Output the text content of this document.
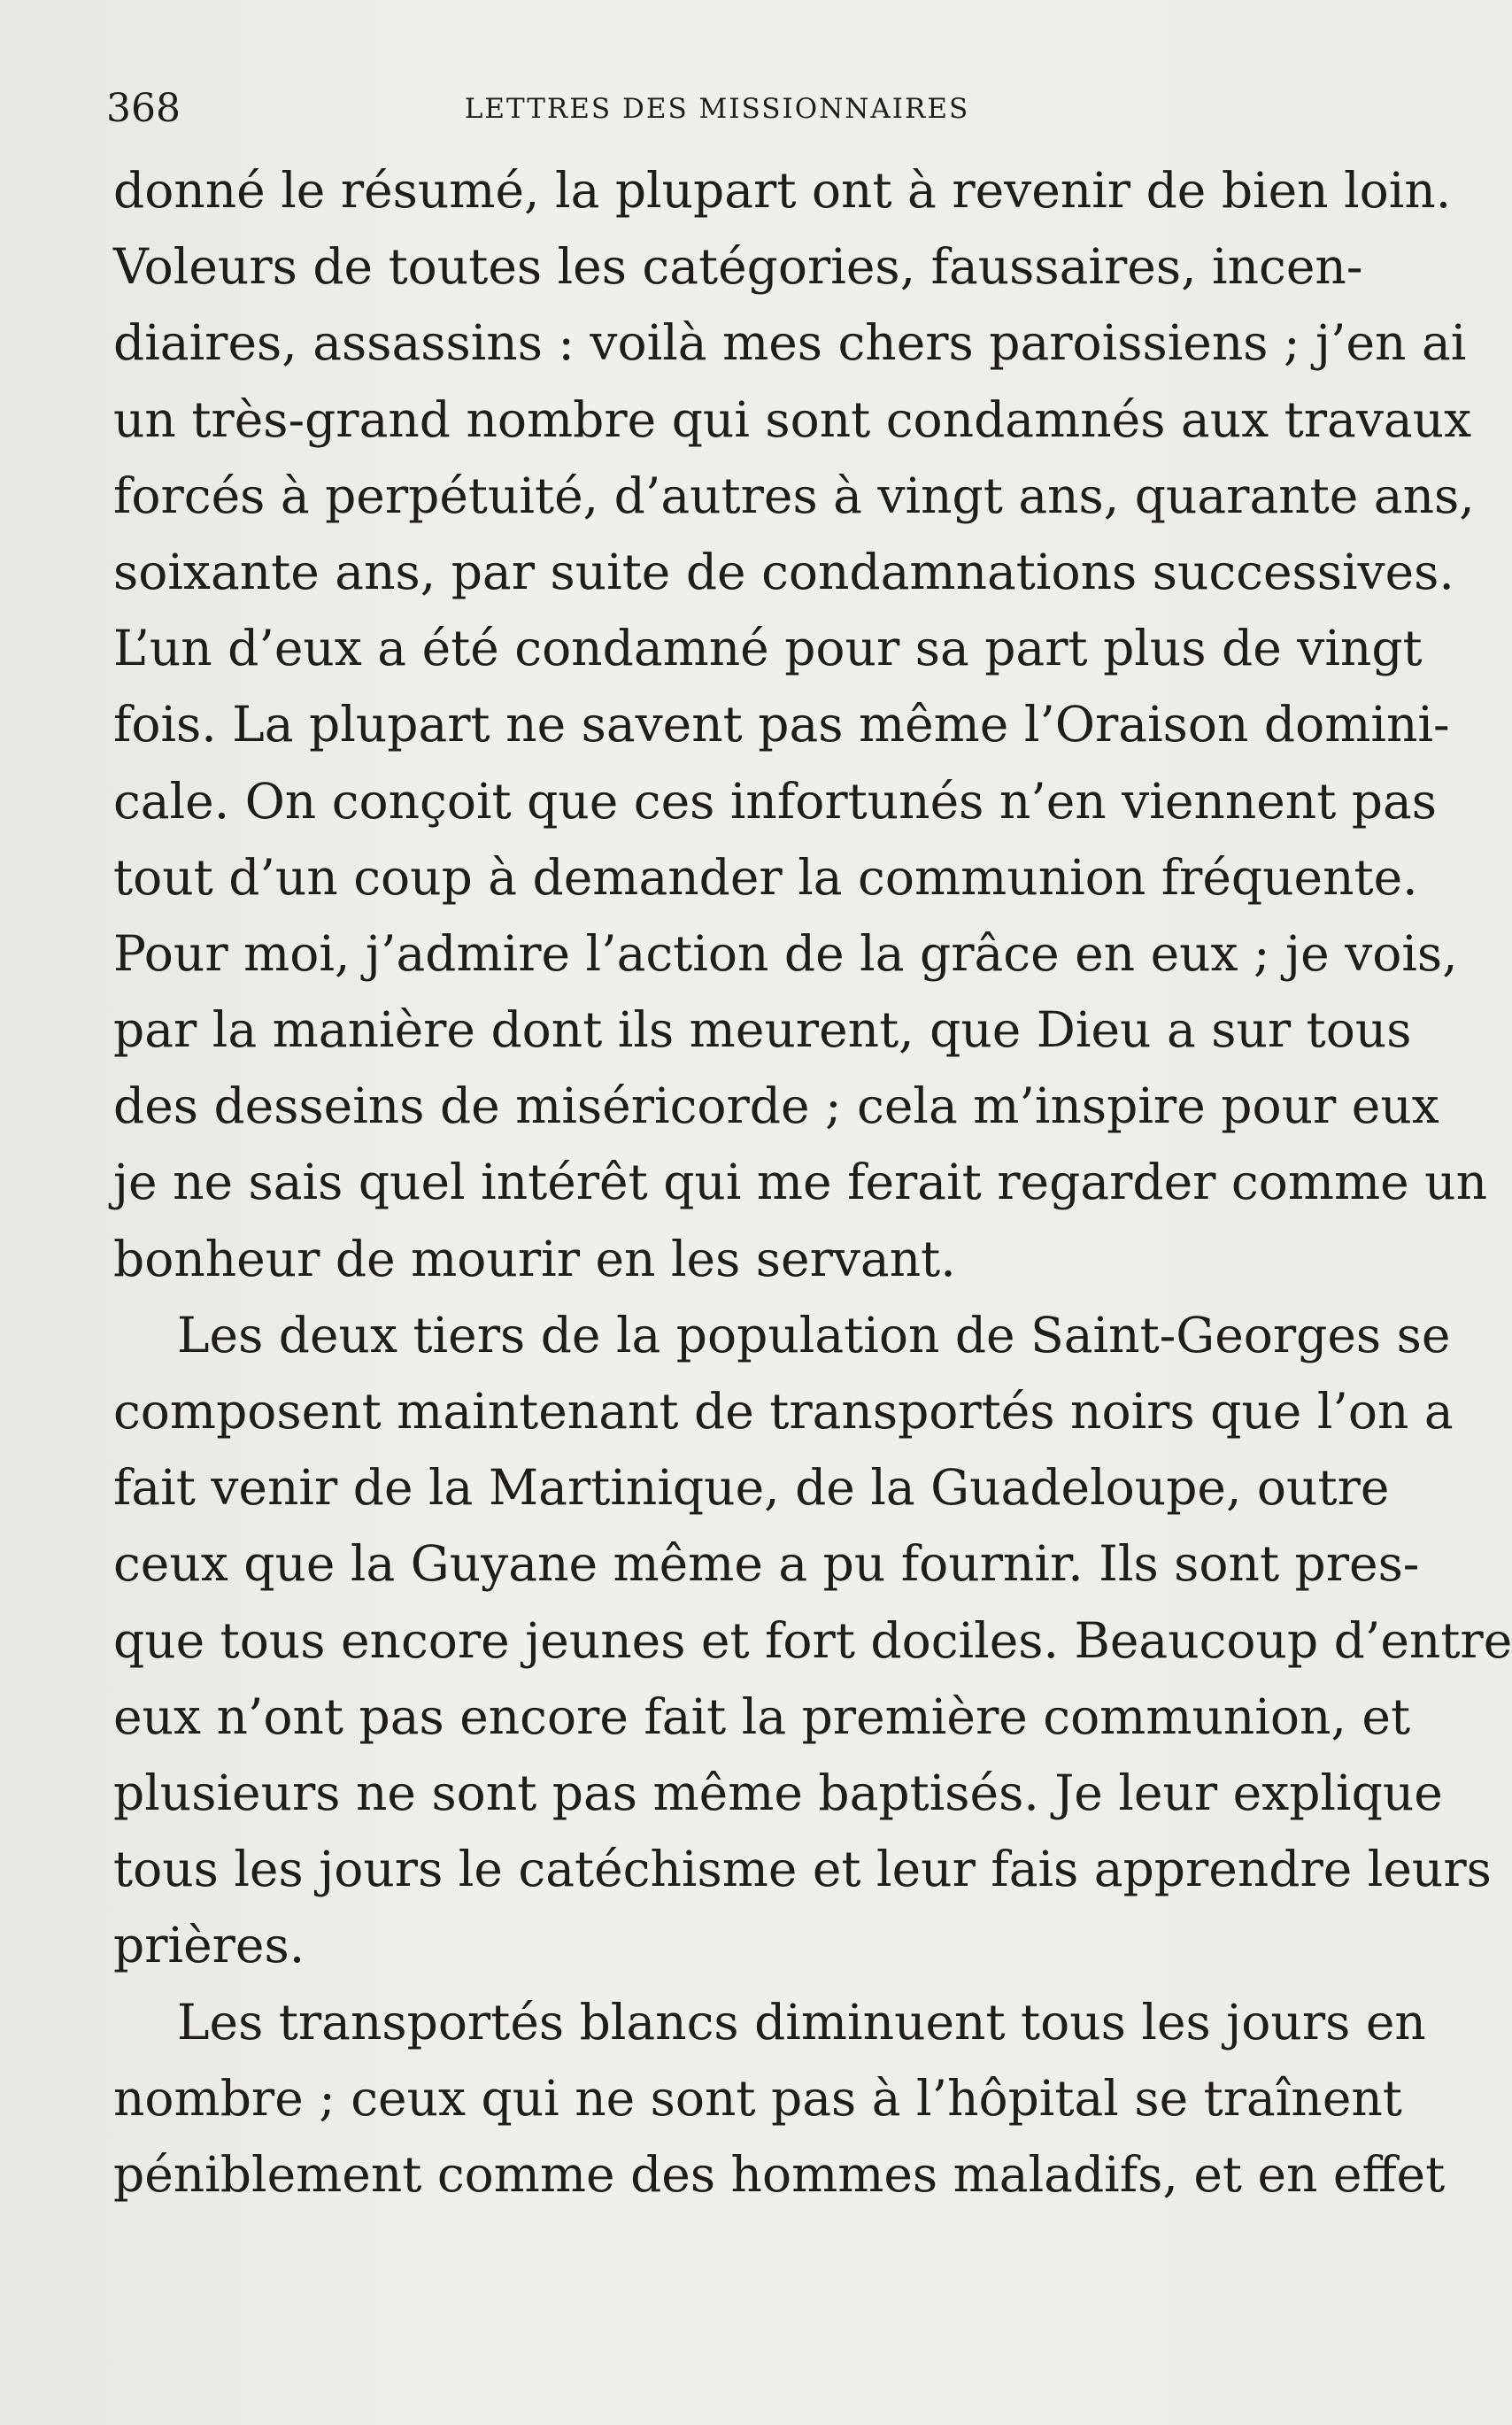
368	LETTRES DES MISSIONNAIRES
donné le résumé, la plupart ont à revenir de bien loin.
Voleurs de toutes les catégories, faussaires, incen-
diaires, assassins : voilà mes chers paroissiens ; j’en ai
un très-grand nombre qui sont condamnés aux travaux
forcés à perpétuité, d’autres à vingt ans, quarante ans,
soixante ans, par suite de condamnations successives.
L’un d’eux a été condamné pour sa part plus de vingt
fois. La plupart ne savent pas même l’Oraison domini-
cale. On conçoit que ces infortunés n’en viennent pas
tout d’un coup à demander la communion fréquente.
Pour moi, j’admire l’action de la grâce en eux ; je vois,
par la manière dont ils meurent, que Dieu a sur tous
des desseins de miséricorde ; cela m’inspire pour eux
je ne sais quel intérêt qui me ferait regarder comme un
bonheur de mourir en les servant.
Les deux tiers de la population de Saint-Georges se
composent maintenant de transportés noirs que l’on a
fait venir de la Martinique, de la Guadeloupe, outre
ceux que la Guyane même a pu fournir. Ils sont pres-
que tous encore jeunes et fort dociles. Beaucoup d’entre
eux n’ont pas encore fait la première communion, et
plusieurs ne sont pas même baptisés. Je leur explique
tous les jours le catéchisme et leur fais apprendre leurs
prières.
Les transportés blancs diminuent tous les jours en
nombre ; ceux qui ne sont pas à l’hôpital se traînent
péniblement comme des hommes maladifs, et en effet
